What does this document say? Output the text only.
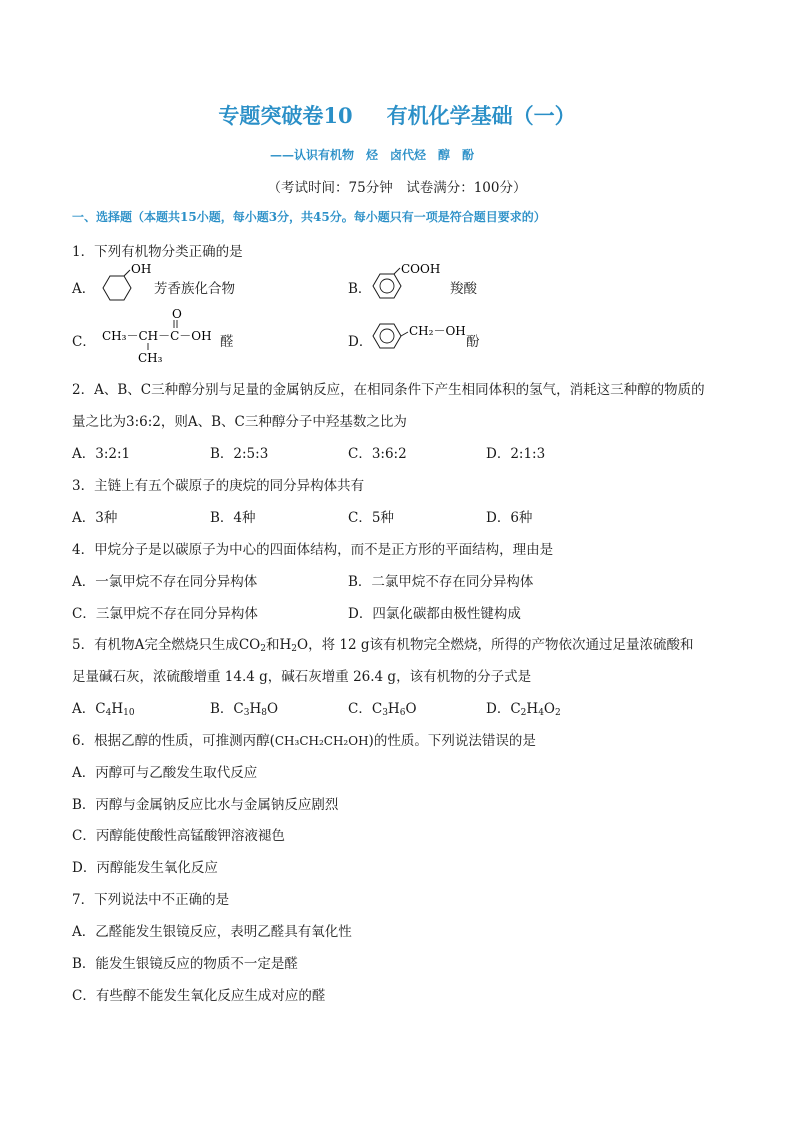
专题突破卷10 有机化学基础（一）
——认识有机物　烃　卤代烃　醇　酚
（考试时间：75分钟　试卷满分：100分）
一、选择题（本题共15小题，每小题3分，共45分。每小题只有一项是符合题目要求的）
1．下列有机物分类正确的是
A．
OH
芳香族化合物	B．
COOH
羧酸
C．
O
CH₃－CH－C－OH
CH₃
醛	D．
CH₂－OH
酚
2．A、B、C三种醇分别与足量的金属钠反应，在相同条件下产生相同体积的氢气，消耗这三种醇的物质的
量之比为3:6:2，则A、B、C三种醇分子中羟基数之比为
A．3:2:1	B．2:5:3	C．3:6:2	D．2:1:3
3．主链上有五个碳原子的庚烷的同分异构体共有
A．3种	B．4种	C．5种	D．6种
4．甲烷分子是以碳原子为中心的四面体结构，而不是正方形的平面结构，理由是
A．一氯甲烷不存在同分异构体	B．二氯甲烷不存在同分异构体
C．三氯甲烷不存在同分异构体	D．四氯化碳都由极性键构成
5．有机物A完全燃烧只生成$CO_2$和$H_2O$，将 12 g该有机物完全燃烧，所得的产物依次通过足量浓硫酸和
足量碱石灰，浓硫酸增重 14.4 g，碱石灰增重 26.4 g，该有机物的分子式是
A．$C_4H_{10}$	B．$C_3H_8O$	C．$C_3H_6O$	D．$C_2H_4O_2$
6．根据乙醇的性质，可推测丙醇(CH₃CH₂CH₂OH)的性质。下列说法错误的是
A．丙醇可与乙酸发生取代反应
B．丙醇与金属钠反应比水与金属钠反应剧烈
C．丙醇能使酸性高锰酸钾溶液褪色
D．丙醇能发生氧化反应
7．下列说法中不正确的是
A．乙醛能发生银镜反应，表明乙醛具有氧化性
B．能发生银镜反应的物质不一定是醛
C．有些醇不能发生氧化反应生成对应的醛
